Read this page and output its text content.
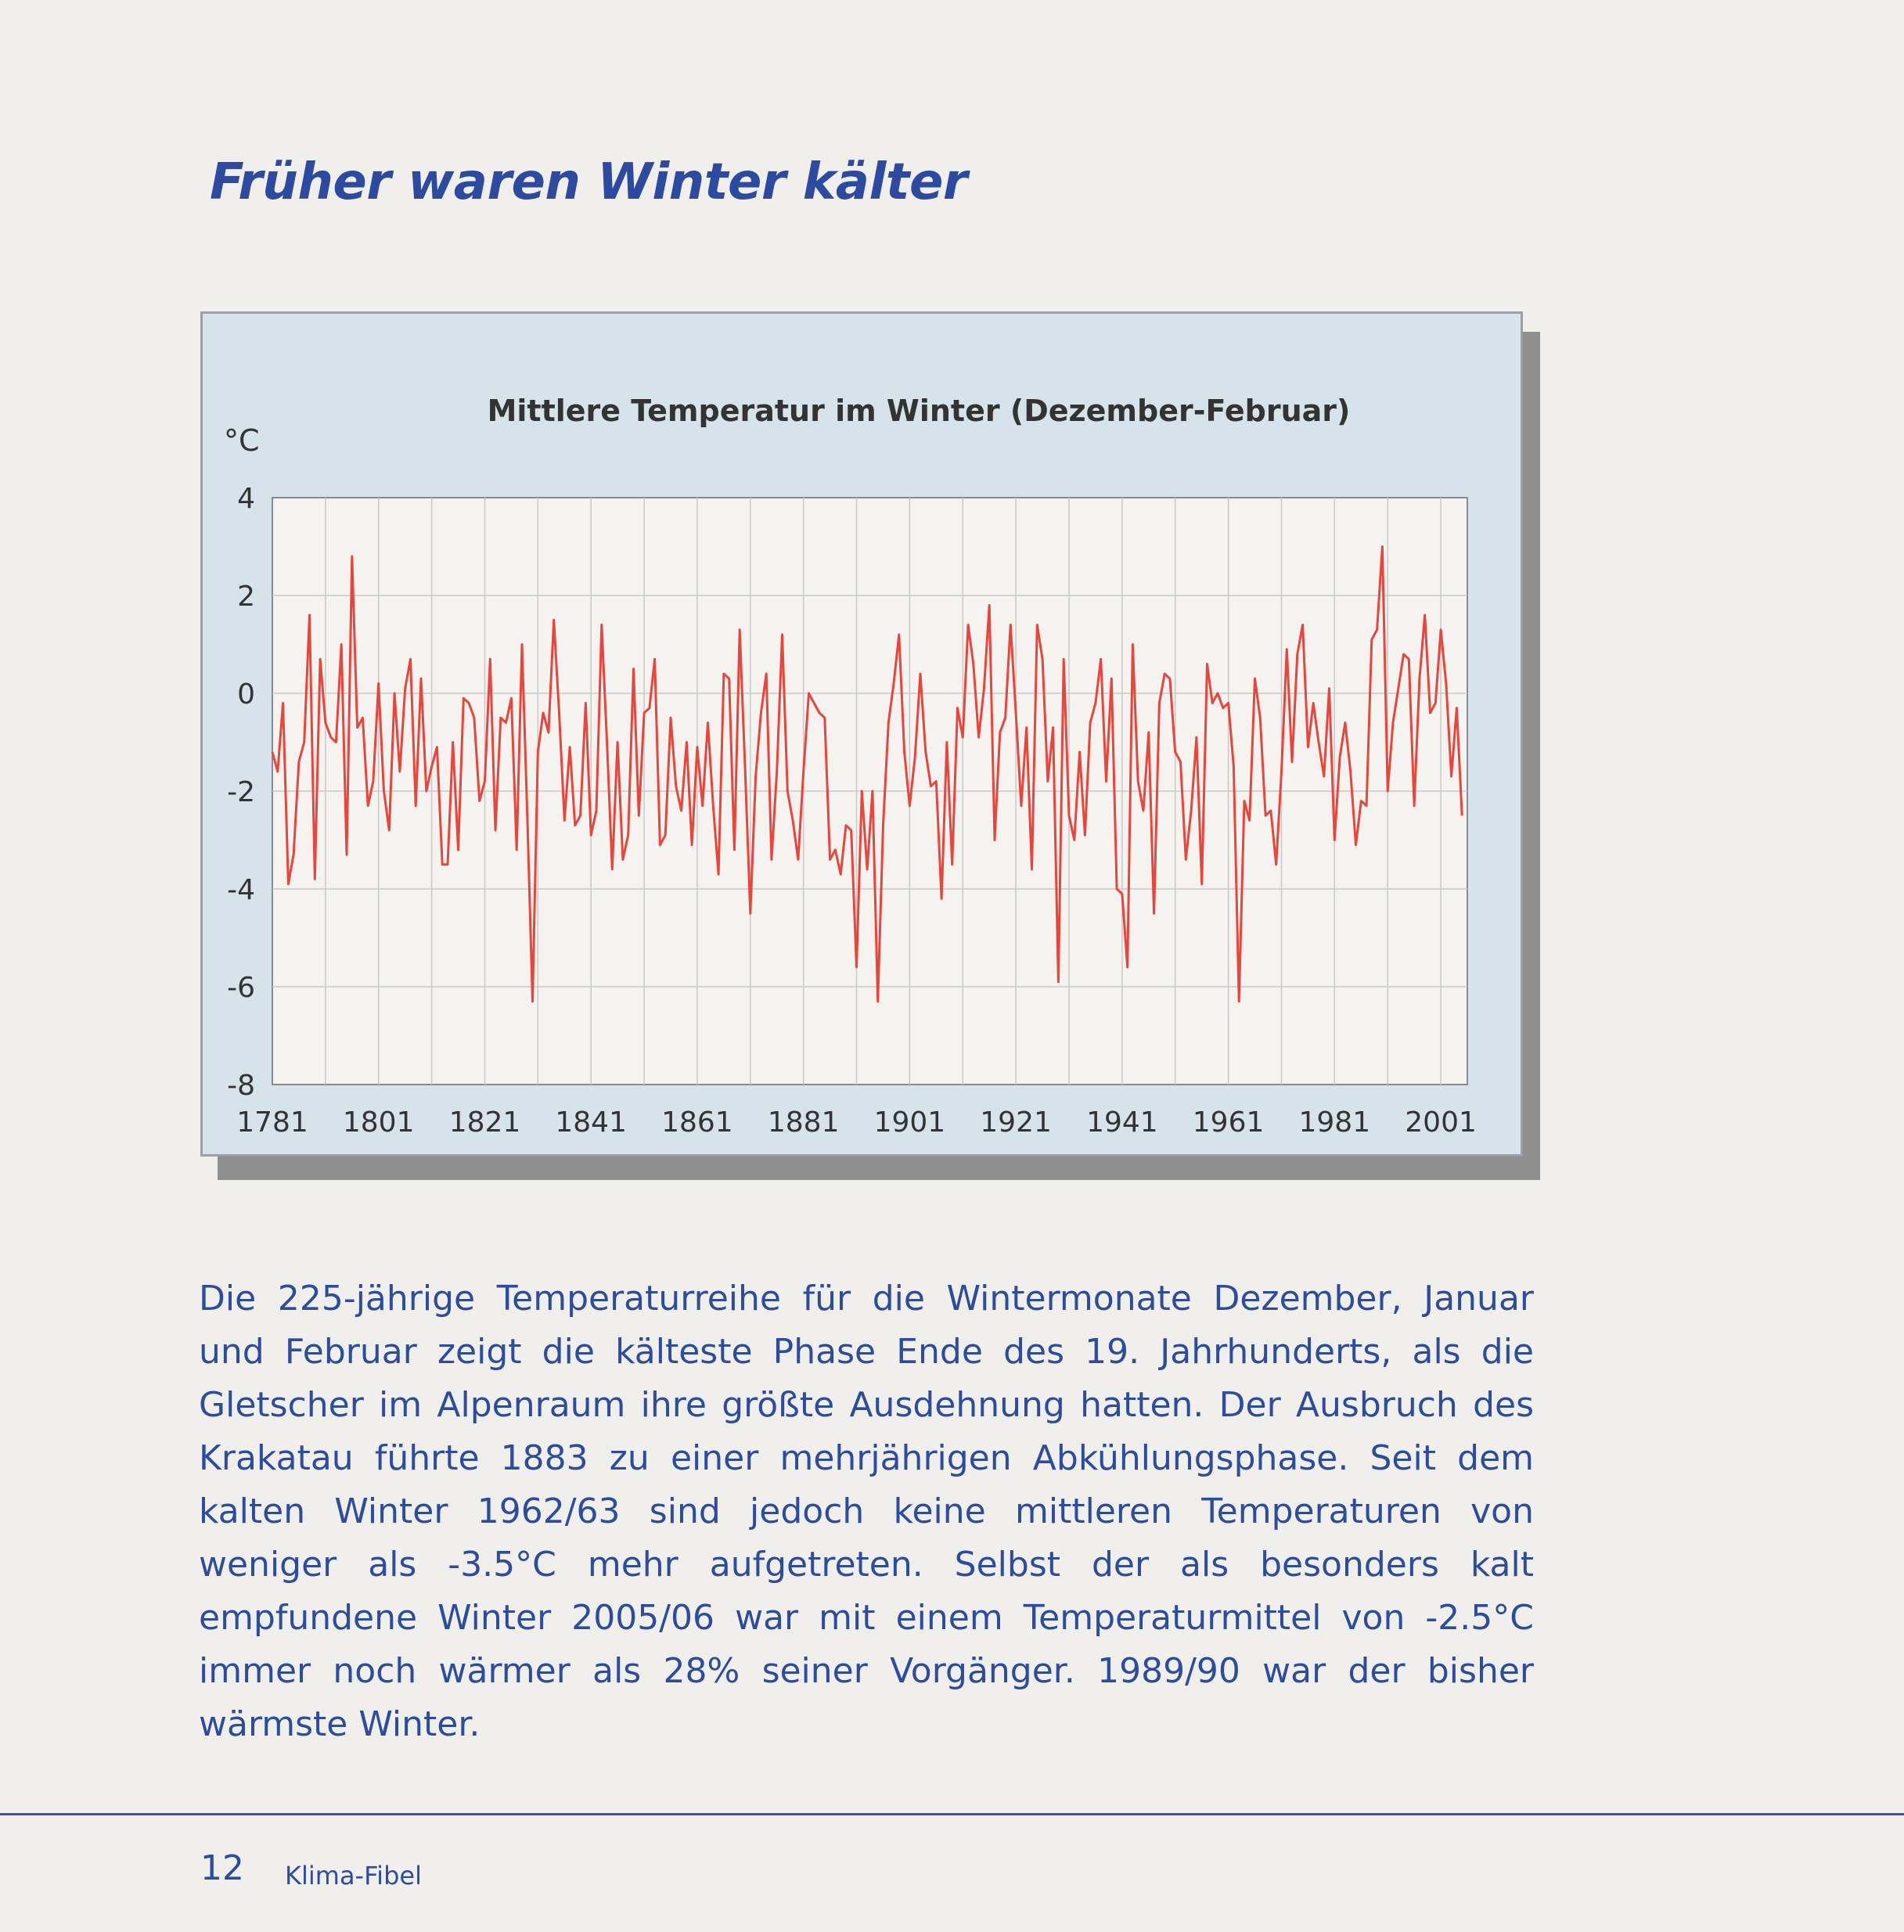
Früher waren Winter kälter
4
2
0
-2
-4
-6
-8
1781 1801 1821 1841 1861 1881 1901 1921 1941 1961 1981 2001
Mittlere Temperatur im Winter (Dezember-Februar)
°C

Die 225-jährige Temperaturreihe für die Wintermonate Dezember, Januar und Februar zeigt die kälteste Phase Ende des 19. Jahrhunderts, als die Gletscher im Alpenraum ihre größte Ausdehnung hatten. Der Ausbruch des Krakatau führte 1883 zu einer mehrjährigen Abkühlungsphase. Seit dem kalten Winter 1962/63 sind jedoch keine mittleren Temperaturen von weniger als -3.5°C mehr aufgetreten. Selbst der als besonders kalt empfundene Winter 2005/06 war mit einem Temperaturmittel von -2.5°C immer noch wärmer als 28% seiner Vorgänger. 1989/90 war der bisher wärmste Winter.

12 Klima-Fibel
